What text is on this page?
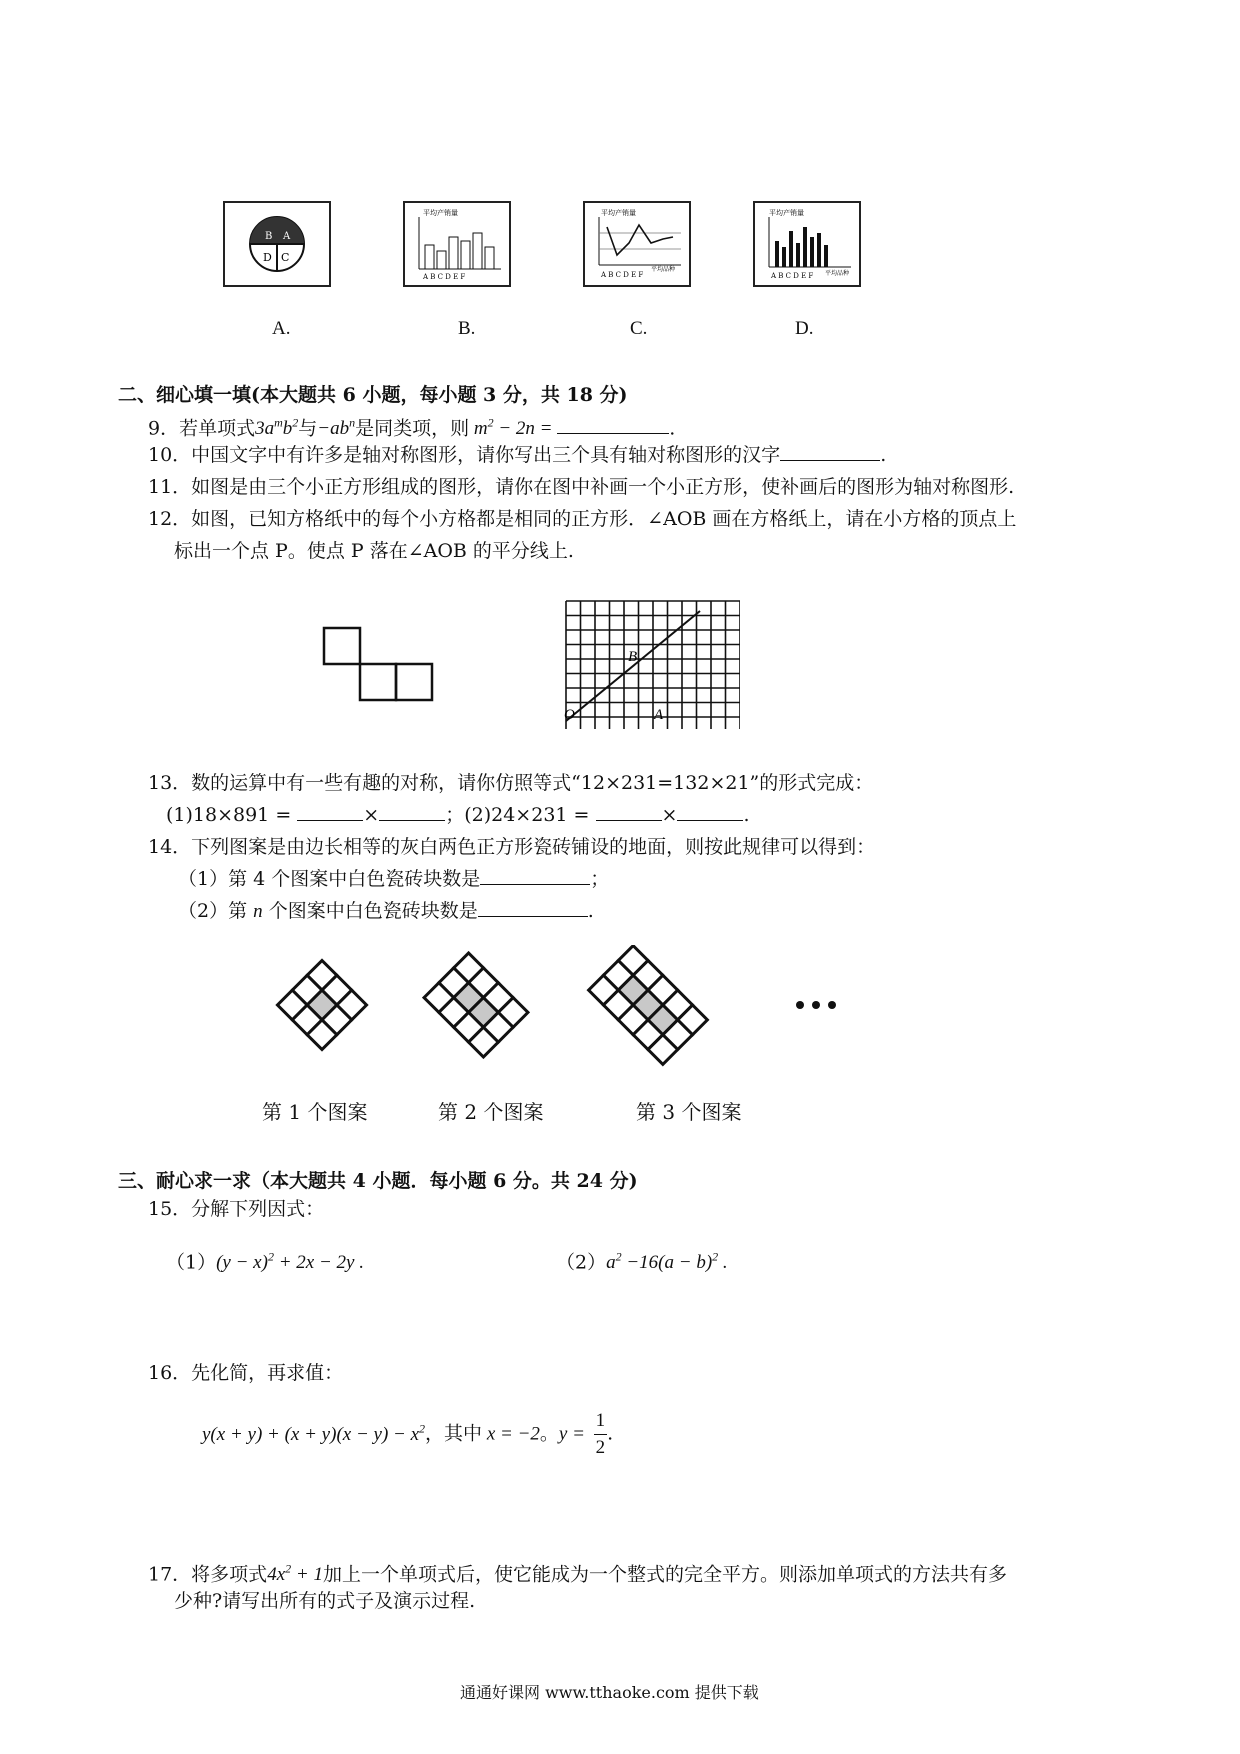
B A
D C
平均产销量
A B C D E F
平均产销量
A B C D E F
平均品种
平均产销量
A B C D E F 平均品种
A.	B.	C.	D.
二、细心填一填(本大题共 6 小题，每小题 3 分，共 18 分)
9．若单项式$3a^mb^2$与$-ab^n$是同类项，则 $m^2 - 2n$ =	.
10．中国文字中有许多是轴对称图形，请你写出三个具有轴对称图形的汉字	.
11．如图是由三个小正方形组成的图形，请你在图中补画一个小正方形，使补画后的图形为轴对称图形.
12．如图，已知方格纸中的每个小方格都是相同的正方形．∠AOB 画在方格纸上，请在小方格的顶点上
标出一个点 P。使点 P 落在∠AOB 的平分线上.
O	A
B
13．数的运算中有一些有趣的对称，请你仿照等式“12×231=132×21”的形式完成：
(1)18×891 =	×	；(2)24×231 =	×	.
14．下列图案是由边长相等的灰白两色正方形瓷砖铺设的地面，则按此规律可以得到：
（1）第 4 个图案中白色瓷砖块数是	；
（2）第 n 个图案中白色瓷砖块数是	.
第 1 个图案	第 2 个图案	第 3 个图案
三、耐心求一求（本大题共 4 小题．每小题 6 分。共 24 分)
15．分解下列因式：
$(1)(y - x)^2 + 2x - 2y$ .	$(2)a^2 -16(a - b)^2$ .
16．先化简，再求值：
$y(x + y) + (x + y)(x - y) - x^2$，其中 x = −2。$y = \frac{1}{2}$ .
17．将多项式$4x^2 + 1$加上一个单项式后，使它能成为一个整式的完全平方。则添加单项式的方法共有多
少种?请写出所有的式子及演示过程.
通通好课网 www.tthaoke.com 提供下载
